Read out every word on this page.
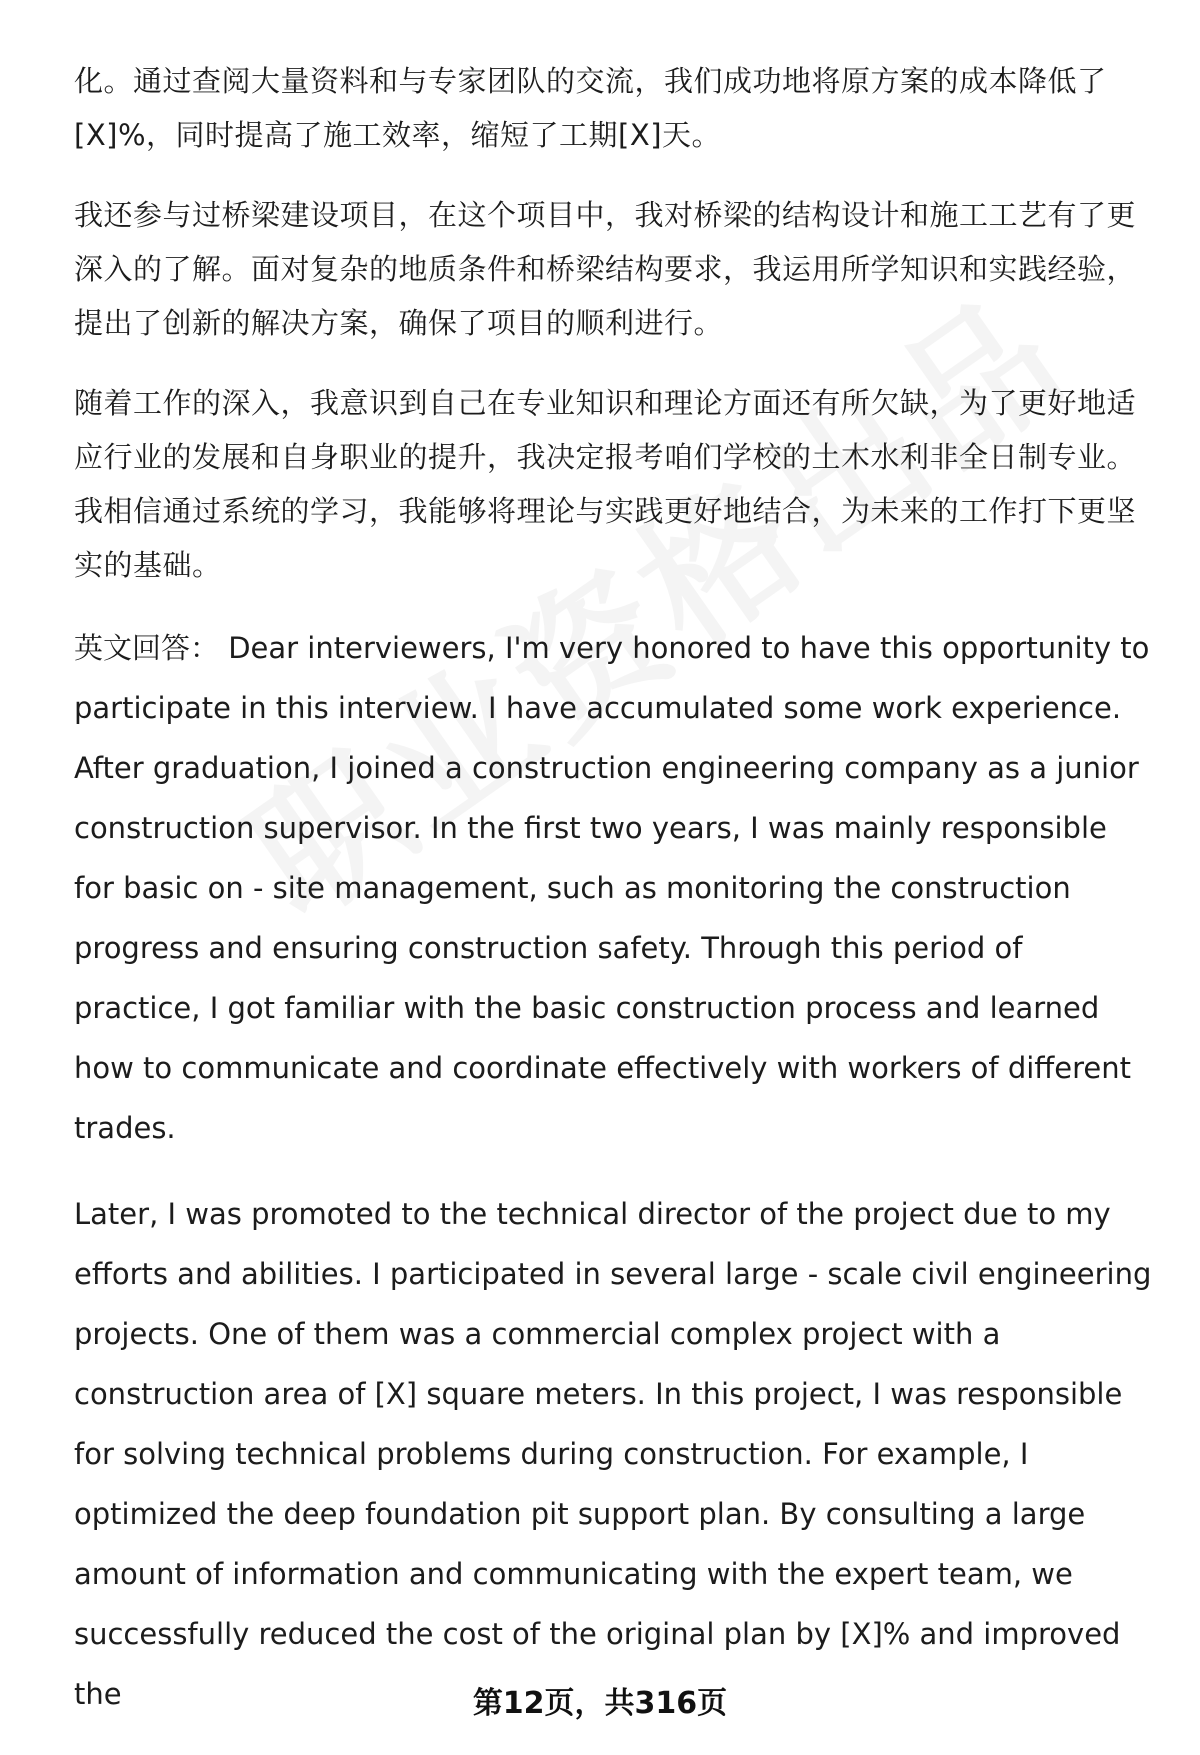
化。通过查阅大量资料和与专家团队的交流，我们成功地将原方案的成本降低了[X]%，同时提高了施工效率，缩短了工期[X]天。

我还参与过桥梁建设项目，在这个项目中，我对桥梁的结构设计和施工工艺有了更深入的了解。面对复杂的地质条件和桥梁结构要求，我运用所学知识和实践经验，提出了创新的解决方案，确保了项目的顺利进行。

随着工作的深入，我意识到自己在专业知识和理论方面还有所欠缺，为了更好地适应行业的发展和自身职业的提升，我决定报考咱们学校的土木水利非全日制专业。我相信通过系统的学习，我能够将理论与实践更好地结合，为未来的工作打下更坚实的基础。

英文回答： Dear interviewers, I'm very honored to have this opportunity to participate in this interview. I have accumulated some work experience. After graduation, I joined a construction engineering company as a junior construction supervisor. In the first two years, I was mainly responsible for basic on - site management, such as monitoring the construction progress and ensuring construction safety. Through this period of practice, I got familiar with the basic construction process and learned how to communicate and coordinate effectively with workers of different trades.

Later, I was promoted to the technical director of the project due to my efforts and abilities. I participated in several large - scale civil engineering projects. One of them was a commercial complex project with a construction area of [X] square meters. In this project, I was responsible for solving technical problems during construction. For example, I optimized the deep foundation pit support plan. By consulting a large amount of information and communicating with the expert team, we successfully reduced the cost of the original plan by [X]% and improved the	第12页，共316页
